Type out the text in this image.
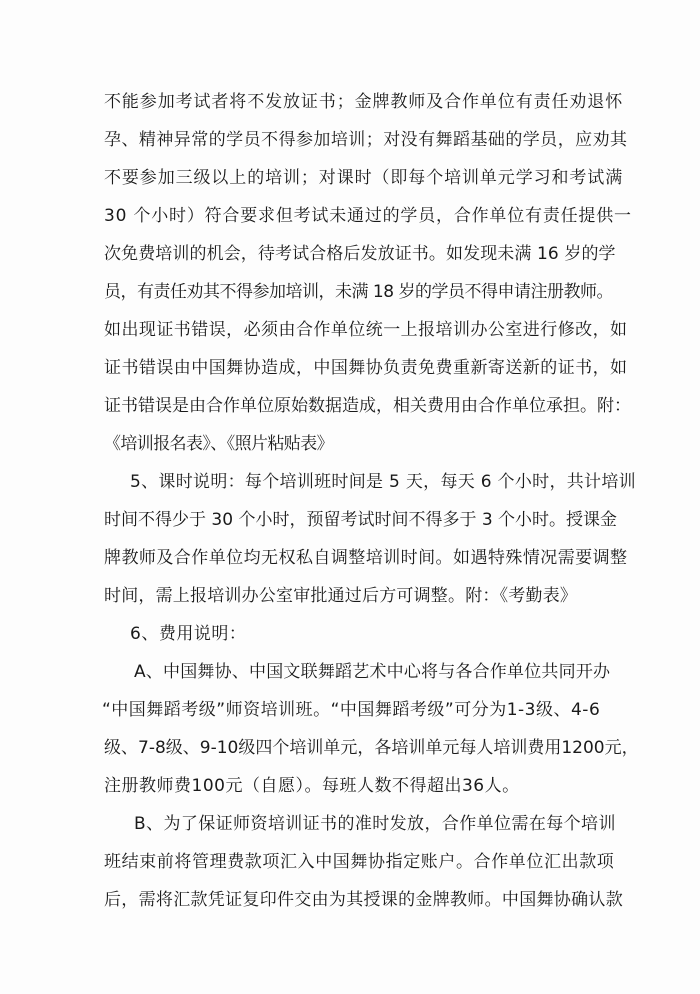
不能参加考试者将不发放证书；金牌教师及合作单位有责任劝退怀
孕、精神异常的学员不得参加培训；对没有舞蹈基础的学员，应劝其
不要参加三级以上的培训；对课时（即每个培训单元学习和考试满
30 个小时）符合要求但考试未通过的学员，合作单位有责任提供一
次免费培训的机会，待考试合格后发放证书。如发现未满 16 岁的学
员，有责任劝其不得参加培训，未满 18 岁的学员不得申请注册教师。
如出现证书错误，必须由合作单位统一上报培训办公室进行修改，如
证书错误由中国舞协造成，中国舞协负责免费重新寄送新的证书，如
证书错误是由合作单位原始数据造成，相关费用由合作单位承担。附：
《培训报名表》、《照片粘贴表》
5、课时说明：每个培训班时间是 5 天，每天 6 个小时，共计培训
时间不得少于 30 个小时，预留考试时间不得多于 3 个小时。授课金
牌教师及合作单位均无权私自调整培训时间。如遇特殊情况需要调整
时间，需上报培训办公室审批通过后方可调整。附：《考勤表》
6、费用说明：
A、中国舞协、中国文联舞蹈艺术中心将与各合作单位共同开办
“中国舞蹈考级”师资培训班。“中国舞蹈考级”可分为1-3级、4-6
级、7-8级、9-10级四个培训单元，各培训单元每人培训费用1200元，
注册教师费100元（自愿）。每班人数不得超出36人。
B、为了保证师资培训证书的准时发放，合作单位需在每个培训
班结束前将管理费款项汇入中国舞协指定账户。合作单位汇出款项
后，需将汇款凭证复印件交由为其授课的金牌教师。中国舞协确认款
